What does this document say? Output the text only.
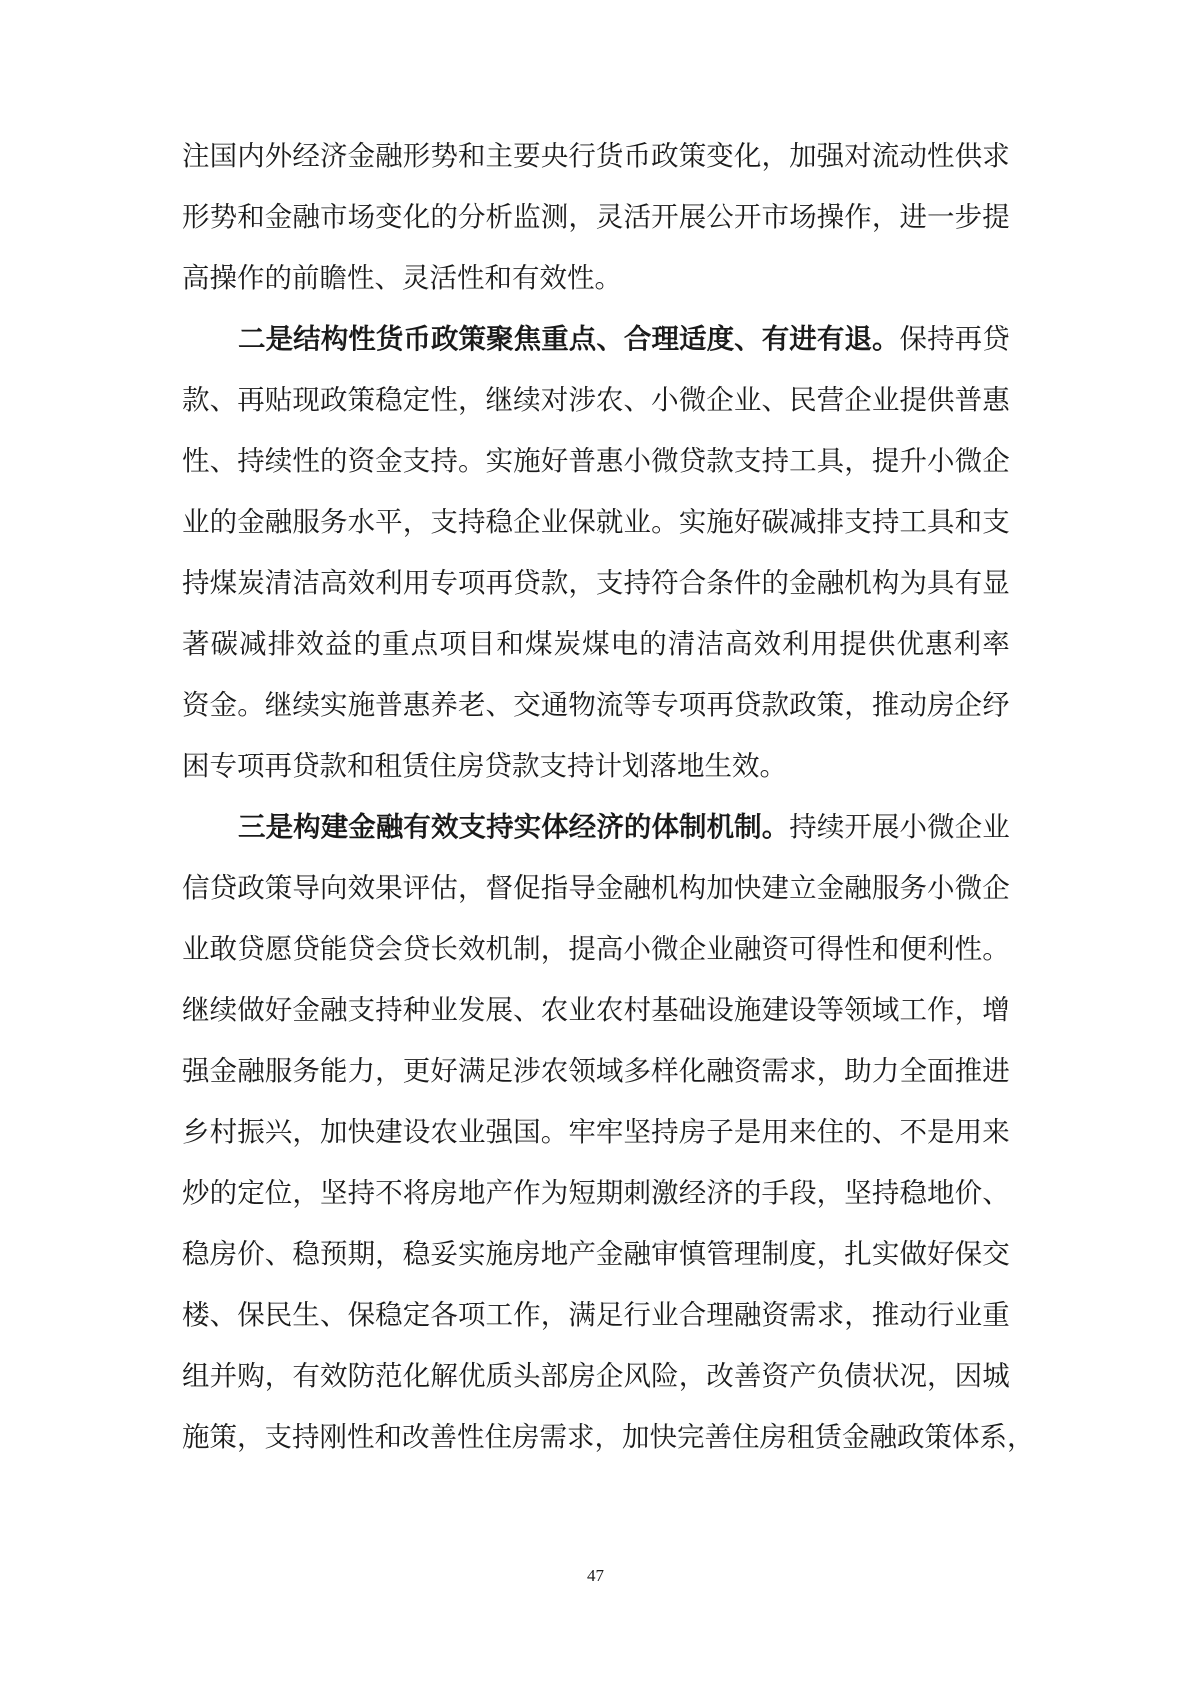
注 国 内 外 经 济 金 融 形 势 和 主 要 央 行 货 币 政 策 变 化 ， 加 强 对 流 动 性 供 求
形 势 和 金 融 市 场 变 化 的 分 析 监 测 ， 灵 活 开 展 公 开 市 场 操 作 ， 进 一 步 提
高 操 作 的 前 瞻 性 、 灵 活 性 和 有 效 性 。
二 是 结 构 性 货 币 政 策 聚 焦 重 点 、 合 理 适 度 、 有 进 有 退 。 保 持 再 贷
款 、 再 贴 现 政 策 稳 定 性 ， 继 续 对 涉 农 、 小 微 企 业 、 民 营 企 业 提 供 普 惠
性 、 持 续 性 的 资 金 支 持 。 实 施 好 普 惠 小 微 贷 款 支 持 工 具 ， 提 升 小 微 企
业 的 金 融 服 务 水 平 ， 支 持 稳 企 业 保 就 业 。 实 施 好 碳 减 排 支 持 工 具 和 支
持 煤 炭 清 洁 高 效 利 用 专 项 再 贷 款 ， 支 持 符 合 条 件 的 金 融 机 构 为 具 有 显
著 碳 减 排 效 益 的 重 点 项 目 和 煤 炭 煤 电 的 清 洁 高 效 利 用 提 供 优 惠 利 率
资 金 。 继 续 实 施 普 惠 养 老 、 交 通 物 流 等 专 项 再 贷 款 政 策 ， 推 动 房 企 纾
困 专 项 再 贷 款 和 租 赁 住 房 贷 款 支 持 计 划 落 地 生 效 。
三 是 构 建 金 融 有 效 支 持 实 体 经 济 的 体 制 机 制 。 持 续 开 展 小 微 企 业
信 贷 政 策 导 向 效 果 评 估 ， 督 促 指 导 金 融 机 构 加 快 建 立 金 融 服 务 小 微 企
业 敢 贷 愿 贷 能 贷 会 贷 长 效 机 制 ， 提 高 小 微 企 业 融 资 可 得 性 和 便 利 性 。
继 续 做 好 金 融 支 持 种 业 发 展 、 农 业 农 村 基 础 设 施 建 设 等 领 域 工 作 ， 增
强 金 融 服 务 能 力 ， 更 好 满 足 涉 农 领 域 多 样 化 融 资 需 求 ， 助 力 全 面 推 进
乡 村 振 兴 ， 加 快 建 设 农 业 强 国 。 牢 牢 坚 持 房 子 是 用 来 住 的 、 不 是 用 来
炒 的 定 位 ， 坚 持 不 将 房 地 产 作 为 短 期 刺 激 经 济 的 手 段 ， 坚 持 稳 地 价 、
稳 房 价 、 稳 预 期 ， 稳 妥 实 施 房 地 产 金 融 审 慎 管 理 制 度 ， 扎 实 做 好 保 交
楼 、 保 民 生 、 保 稳 定 各 项 工 作 ， 满 足 行 业 合 理 融 资 需 求 ， 推 动 行 业 重
组 并 购 ， 有 效 防 范 化 解 优 质 头 部 房 企 风 险 ， 改 善 资 产 负 债 状 况 ， 因 城
施 策 ， 支 持 刚 性 和 改 善 性 住 房 需 求 ， 加 快 完 善 住 房 租 赁 金 融 政 策 体 系 ，
47
